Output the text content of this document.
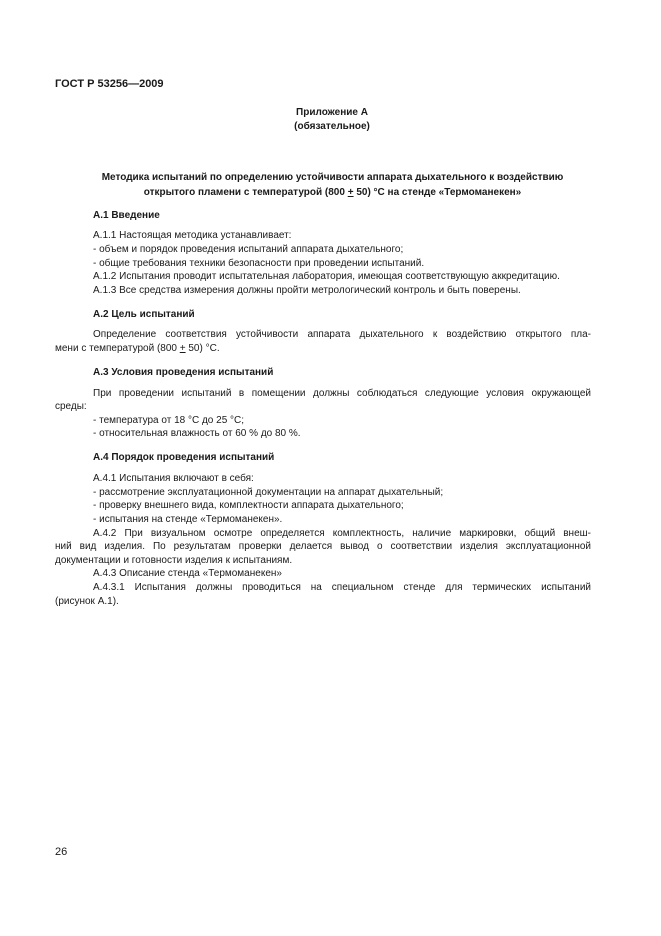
ГОСТ Р 53256—2009
Приложение А
(обязательное)
Методика испытаний по определению устойчивости аппарата дыхательного к воздействию
открытого пламени с температурой (800 + 50) °С на стенде «Термоманекен»
А.1 Введение
А.1.1 Настоящая методика устанавливает:
- объем и порядок проведения испытаний аппарата дыхательного;
- общие требования техники безопасности при проведении испытаний.
А.1.2 Испытания проводит испытательная лаборатория, имеющая соответствующую аккредитацию.
А.1.3 Все средства измерения должны пройти метрологический контроль и быть поверены.
А.2 Цель испытаний
Определение соответствия устойчивости аппарата дыхательного к воздействию открытого пла-
мени с температурой (800 + 50) °С.
А.3 Условия проведения испытаний
При проведении испытаний в помещении должны соблюдаться следующие условия окружающей
среды:
- температура от 18 °С до 25 °С;
- относительная влажность от 60 % до 80 %.
А.4 Порядок проведения испытаний
А.4.1 Испытания включают в себя:
- рассмотрение эксплуатационной документации на аппарат дыхательный;
- проверку внешнего вида, комплектности аппарата дыхательного;
- испытания на стенде «Термоманекен».
А.4.2 При визуальном осмотре определяется комплектность, наличие маркировки, общий внеш-
ний вид изделия. По результатам проверки делается вывод о соответствии изделия эксплуатационной
документации и готовности изделия к испытаниям.
А.4.3 Описание стенда «Термоманекен»
А.4.3.1 Испытания должны проводиться на специальном стенде для термических испытаний
(рисунок А.1).
26
